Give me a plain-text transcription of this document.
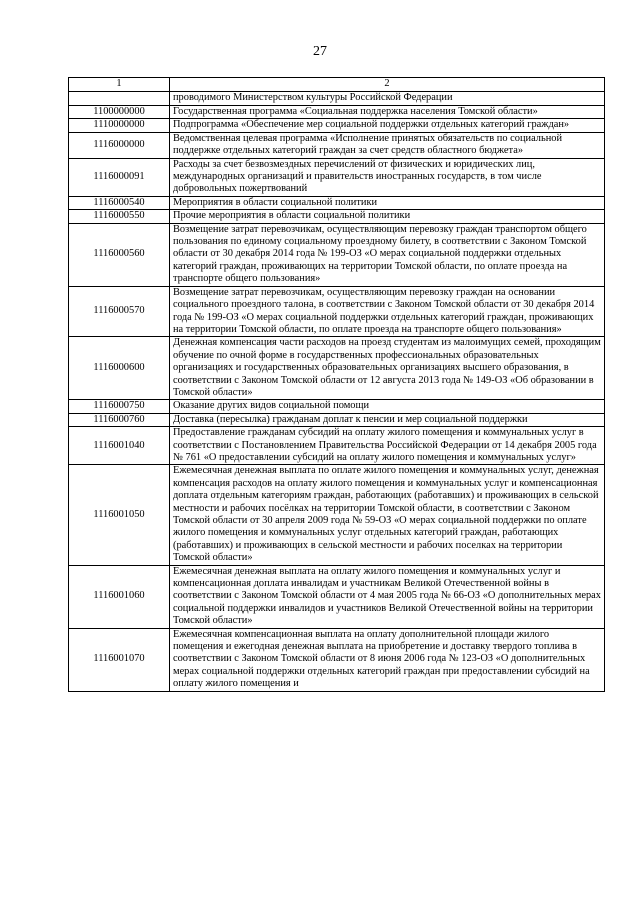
27
1	2
	проводимого Министерством культуры Российской Федерации
1100000000	Государственная программа «Социальная поддержка населения Томской области»
1110000000	Подпрограмма «Обеспечение мер социальной поддержки отдельных категорий граждан»
1116000000	Ведомственная целевая программа «Исполнение принятых обязательств по социальной поддержке отдельных категорий граждан за счет средств областного бюджета»
1116000091	Расходы за счет безвозмездных перечислений от физических и юридических лиц, международных организаций и правительств иностранных государств, в том числе добровольных пожертвований
1116000540	Мероприятия в области социальной политики
1116000550	Прочие мероприятия в области социальной политики
1116000560	Возмещение затрат перевозчикам, осуществляющим перевозку граждан транспортом общего пользования по единому социальному проездному билету, в соответствии с Законом Томской области от 30 декабря 2014 года № 199-ОЗ «О мерах социальной поддержки отдельных категорий граждан, проживающих на территории Томской области, по оплате проезда на транспорте общего пользования»
1116000570	Возмещение затрат перевозчикам, осуществляющим перевозку граждан на основании социального проездного талона, в соответствии с Законом Томской области от 30 декабря 2014 года № 199-ОЗ «О мерах социальной поддержки отдельных категорий граждан, проживающих на территории Томской области, по оплате проезда на транспорте общего пользования»
1116000600	Денежная компенсация части расходов на проезд студентам из малоимущих семей, проходящим обучение по очной форме в государственных профессиональных образовательных организациях и государственных образовательных организациях высшего образования, в соответствии с Законом Томской области от 12 августа 2013 года № 149-ОЗ «Об образовании в Томской области»
1116000750	Оказание других видов социальной помощи
1116000760	Доставка (пересылка) гражданам доплат к пенсии и мер социальной поддержки
1116001040	Предоставление гражданам субсидий на оплату жилого помещения и коммунальных услуг в соответствии с Постановлением Правительства Российской Федерации от 14 декабря 2005 года № 761 «О предоставлении субсидий на оплату жилого помещения и коммунальных услуг»
1116001050	Ежемесячная денежная выплата по оплате жилого помещения и коммунальных услуг, денежная компенсация расходов на оплату жилого помещения и коммунальных услуг и компенсационная доплата отдельным категориям граждан, работающих (работавших) и проживающих в сельской местности и рабочих посёлках на территории Томской области, в соответствии с Законом Томской области от 30 апреля 2009 года № 59-ОЗ «О мерах социальной поддержки по оплате жилого помещения и коммунальных услуг отдельных категорий граждан, работающих (работавших) и проживающих в сельской местности и рабочих поселках на территории Томской области»
1116001060	Ежемесячная денежная выплата на оплату жилого помещения и коммунальных услуг и компенсационная доплата инвалидам и участникам Великой Отечественной войны в соответствии с Законом Томской области от 4 мая 2005 года № 66-ОЗ «О дополнительных мерах социальной поддержки инвалидов и участников Великой Отечественной войны на территории Томской области»
1116001070	Ежемесячная компенсационная выплата на оплату дополнительной площади жилого помещения и ежегодная денежная выплата на приобретение и доставку твердого топлива в соответствии с Законом Томской области от 8 июня 2006 года № 123-ОЗ «О дополнительных мерах социальной поддержки отдельных категорий граждан при предоставлении субсидий на оплату жилого помещения и
